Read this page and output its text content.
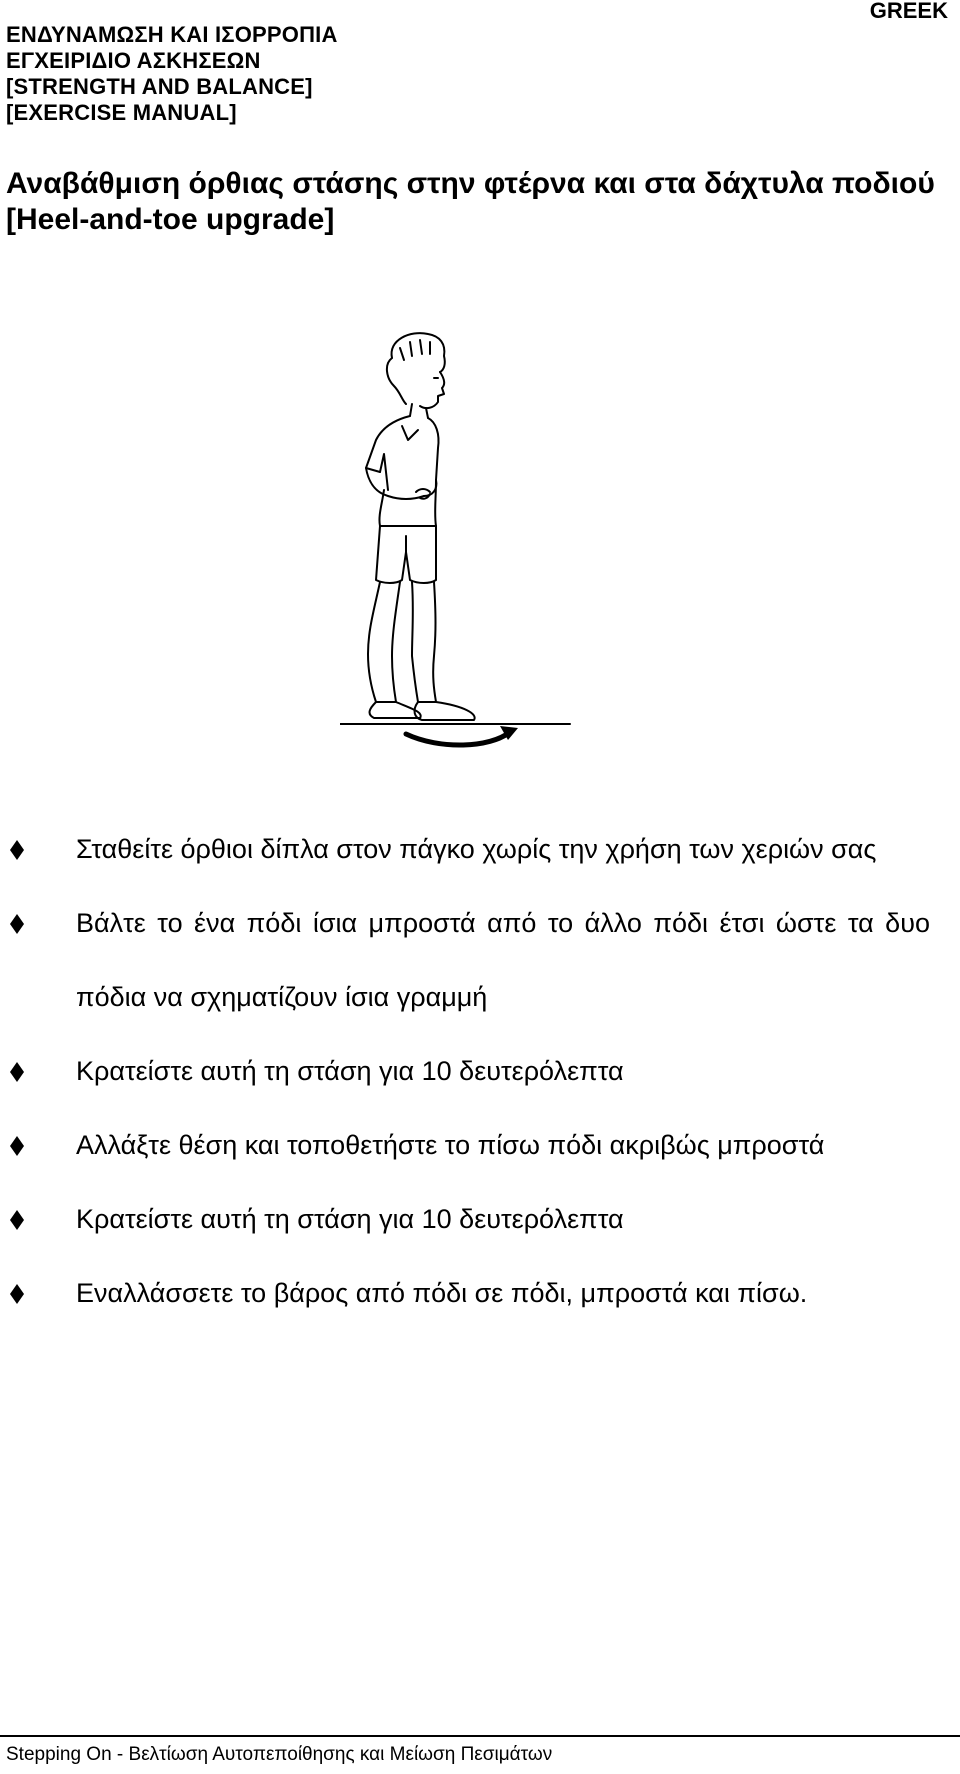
ΕΝΔΥΝΑΜΩΣΗ ΚΑΙ ΙΣΟΡΡΟΠΙΑ
ΕΓΧΕΙΡΙΔΙΟ ΑΣΚΗΣΕΩΝ
[STRENGTH AND BALANCE]
[EXERCISE MANUAL]
GREEK
Αναβάθμιση όρθιας στάσης στην φτέρνα και στα δάχτυλα ποδιού [Heel-and-toe upgrade]
Σταθείτε όρθιοι δίπλα στον πάγκο χωρίς την χρήση των χεριών σας
Βάλτε το ένα πόδι ίσια μπροστά από το άλλο πόδι έτσι ώστε τα δυο πόδια να σχηματίζουν ίσια γραμμή
Κρατείστε αυτή τη στάση για 10 δευτερόλεπτα
Αλλάξτε θέση και τοποθετήστε το πίσω πόδι ακριβώς μπροστά
Κρατείστε αυτή τη στάση για 10 δευτερόλεπτα
Εναλλάσσετε το βάρος από πόδι σε πόδι, μπροστά και πίσω.
Stepping On - Βελτίωση Αυτοπεποίθησης και Μείωση Πεσιμάτων
